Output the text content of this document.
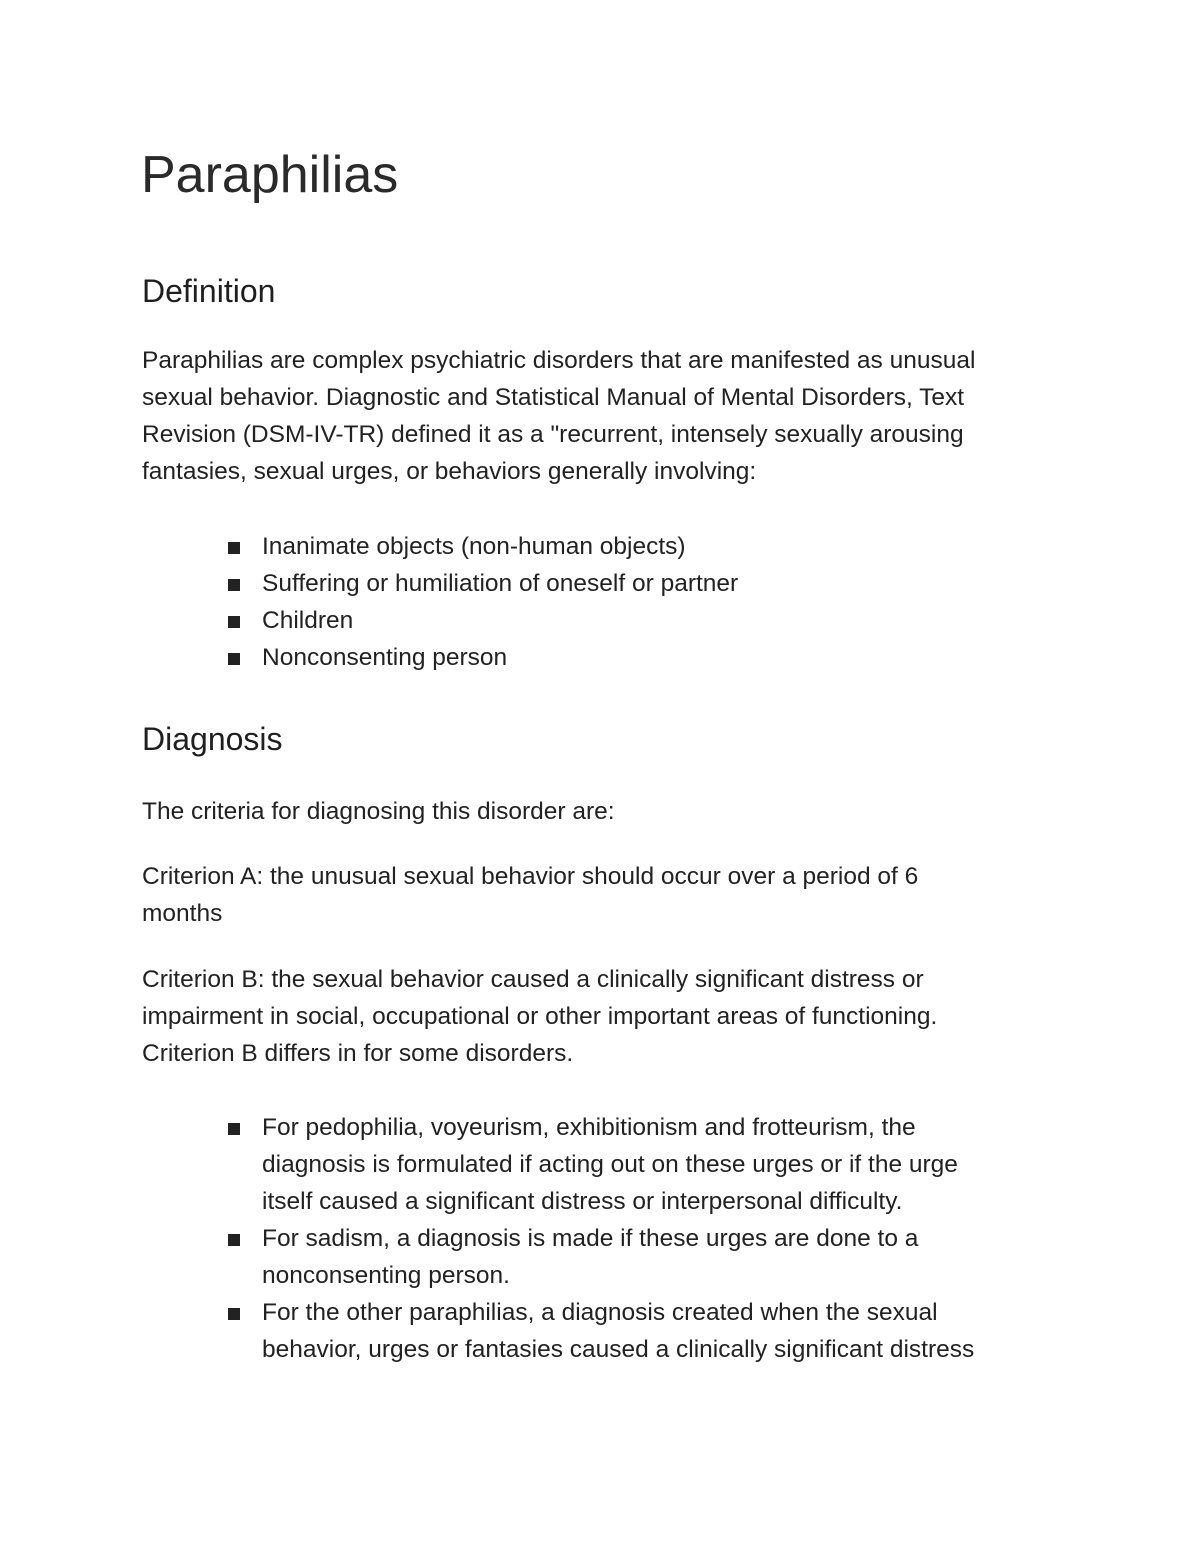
Paraphilias
Definition

Paraphilias are complex psychiatric disorders that are manifested as unusual
sexual behavior. Diagnostic and Statistical Manual of Mental Disorders, Text
Revision (DSM-IV-TR) defined it as a "recurrent, intensely sexually arousing
fantasies, sexual urges, or behaviors generally involving:

Inanimate objects (non-human objects)
Suffering or humiliation of oneself or partner
Children
Nonconsenting person
Diagnosis

The criteria for diagnosing this disorder are:

Criterion A: the unusual sexual behavior should occur over a period of 6
months

Criterion B: the sexual behavior caused a clinically significant distress or
impairment in social, occupational or other important areas of functioning.
Criterion B differs in for some disorders.

For pedophilia, voyeurism, exhibitionism and frotteurism, the
diagnosis is formulated if acting out on these urges or if the urge
itself caused a significant distress or interpersonal difficulty.
For sadism, a diagnosis is made if these urges are done to a
nonconsenting person.
For the other paraphilias, a diagnosis created when the sexual
behavior, urges or fantasies caused a clinically significant distress
